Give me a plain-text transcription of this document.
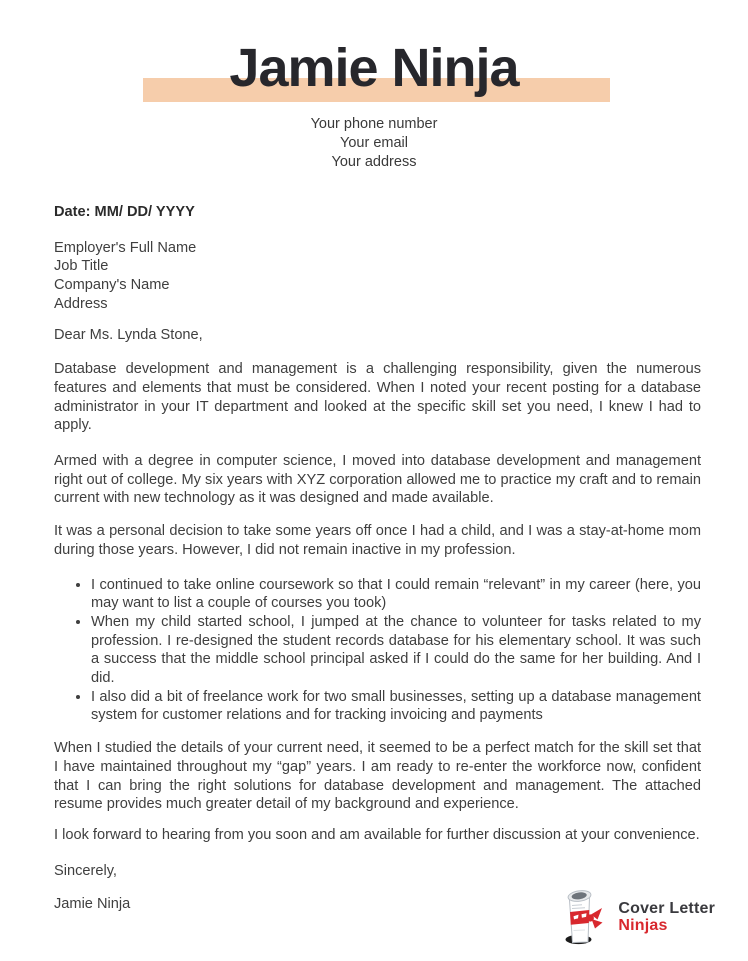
Jamie Ninja
Your phone number
Your email
Your address
Date: MM/ DD/ YYYY
Employer's Full Name
Job Title
Company's Name
Address
Dear Ms. Lynda Stone,

Database development and management is a challenging responsibility, given the numerous features and elements that must be considered. When I noted your recent posting for a database administrator in your IT department and looked at the specific skill set you need, I knew I had to apply.

Armed with a degree in computer science, I moved into database development and management right out of college. My six years with XYZ corporation allowed me to practice my craft and to remain current with new technology as it was designed and made available.

It was a personal decision to take some years off once I had a child, and I was a stay-at-home mom during those years. However, I did not remain inactive in my profession.

• I continued to take online coursework so that I could remain “relevant” in my career (here, you may want to list a couple of courses you took)
• When my child started school, I jumped at the chance to volunteer for tasks related to my profession. I re-designed the student records database for his elementary school. It was such a success that the middle school principal asked if I could do the same for her building. And I did.
• I also did a bit of freelance work for two small businesses, setting up a database management system for customer relations and for tracking invoicing and payments

When I studied the details of your current need, it seemed to be a perfect match for the skill set that I have maintained throughout my “gap” years. I am ready to re-enter the workforce now, confident that I can bring the right solutions for database development and management. The attached resume provides much greater detail of my background and experience.

I look forward to hearing from you soon and am available for further discussion at your convenience.

Sincerely,
Jamie Ninja	Cover Letter
Ninjas
